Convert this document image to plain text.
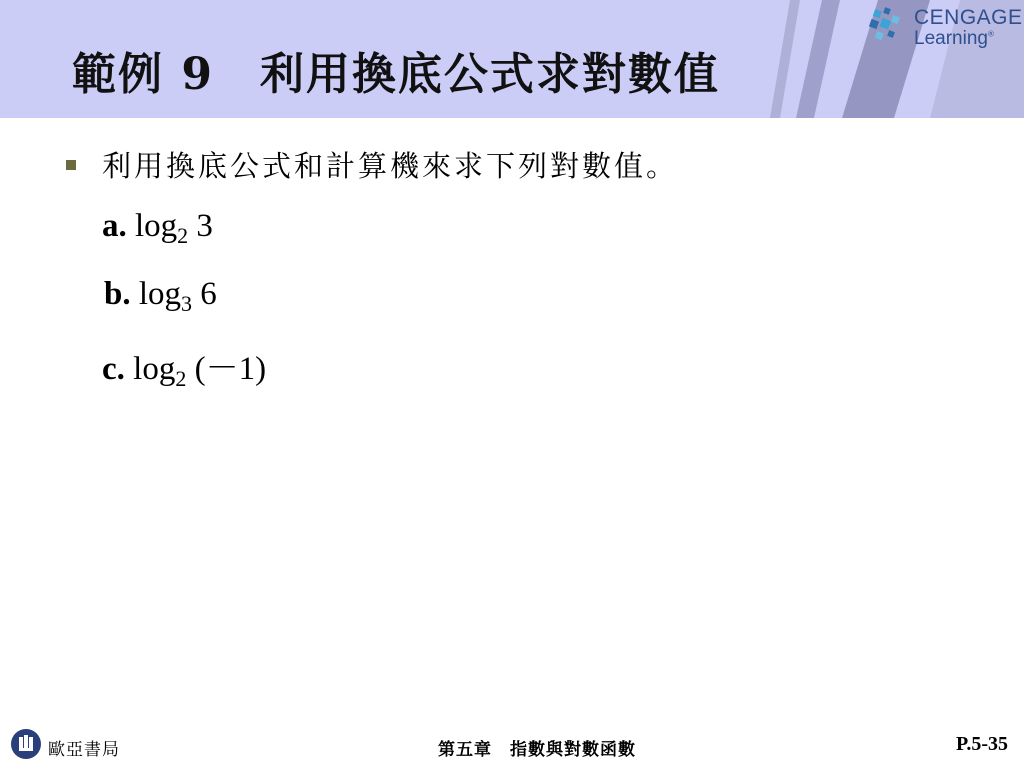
範例 9　利用換底公式求對數值
CENGAGE
Learning®
利用換底公式和計算機來求下列對數值。
a. $\log_2 3$
b. $\log_3 6$
c. $\log_2 (-1)$
歐亞書局	第五章　指數與對數函數	P.5-35
